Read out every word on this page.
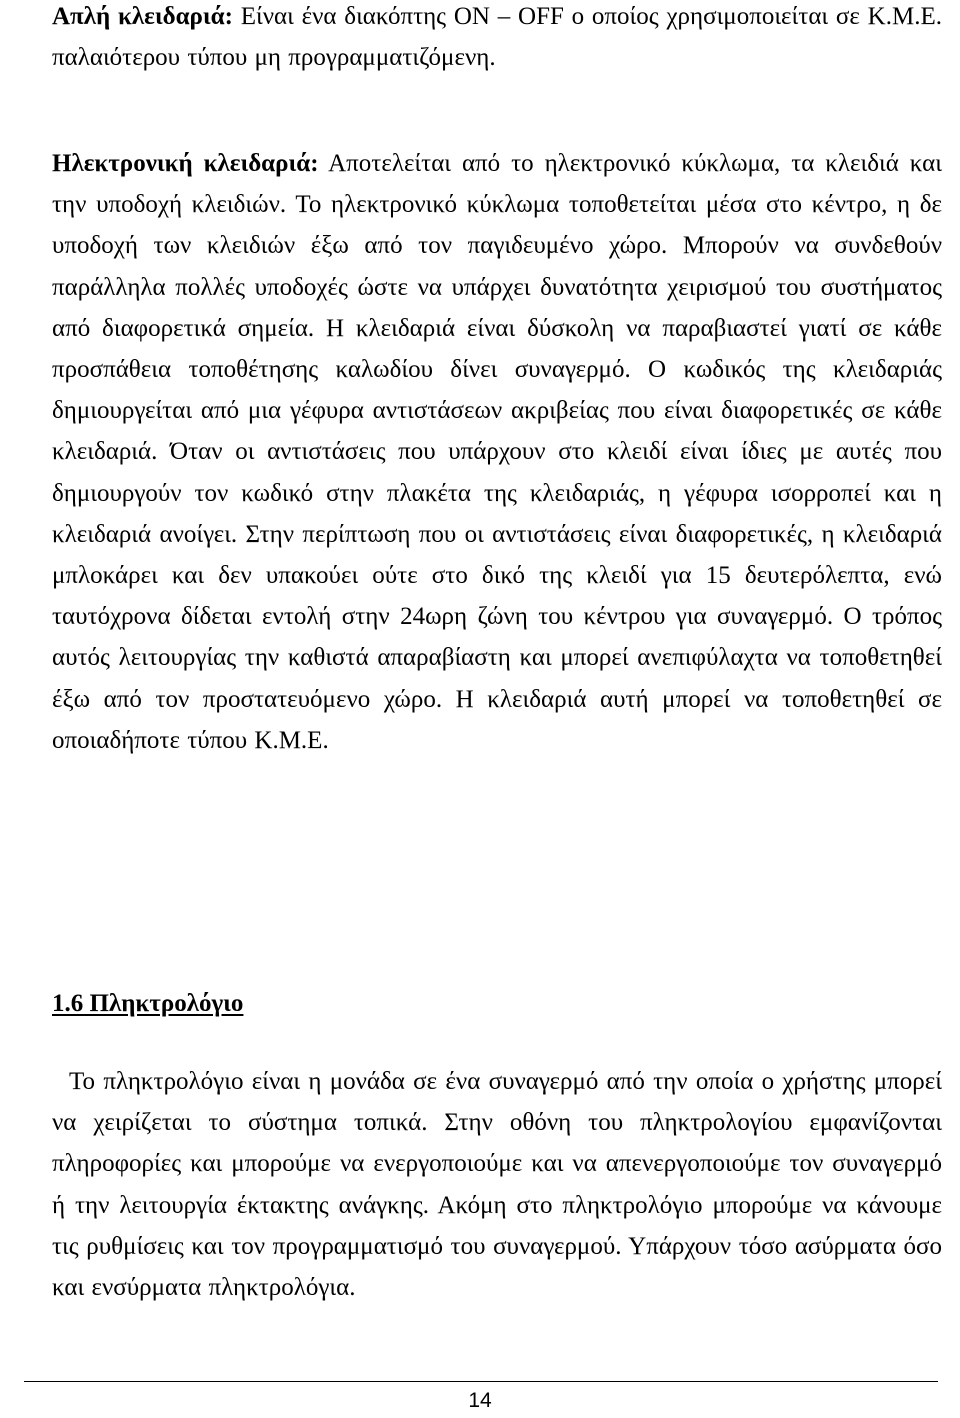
Απλή κλειδαριά: Είναι ένα διακόπτης ON – OFF ο οποίος χρησιμοποιείται σε Κ.Μ.Ε. παλαιότερου τύπου μη προγραμματιζόμενη.

Ηλεκτρονική κλειδαριά: Αποτελείται από το ηλεκτρονικό κύκλωμα, τα κλειδιά και την υποδοχή κλειδιών. Το ηλεκτρονικό κύκλωμα τοποθετείται μέσα στο κέντρο, η δε υποδοχή των κλειδιών έξω από τον παγιδευμένο χώρο. Μπορούν να συνδεθούν παράλληλα πολλές υποδοχές ώστε να υπάρχει δυνατότητα χειρισμού του συστήματος από διαφορετικά σημεία. Η κλειδαριά είναι δύσκολη να παραβιαστεί γιατί σε κάθε προσπάθεια τοποθέτησης καλωδίου δίνει συναγερμό. Ο κωδικός της κλειδαριάς δημιουργείται από μια γέφυρα αντιστάσεων ακριβείας που είναι διαφορετικές σε κάθε κλειδαριά. Όταν οι αντιστάσεις που υπάρχουν στο κλειδί είναι ίδιες με αυτές που δημιουργούν τον κωδικό στην πλακέτα της κλειδαριάς, η γέφυρα ισορροπεί και η κλειδαριά ανοίγει. Στην περίπτωση που οι αντιστάσεις είναι διαφορετικές, η κλειδαριά μπλοκάρει και δεν υπακούει ούτε στο δικό της κλειδί για 15 δευτερόλεπτα, ενώ ταυτόχρονα δίδεται εντολή στην 24ωρη ζώνη του κέντρου για συναγερμό. Ο τρόπος αυτός λειτουργίας την καθιστά απαραβίαστη και μπορεί ανεπιφύλαχτα να τοποθετηθεί έξω από τον προστατευόμενο χώρο. Η κλειδαριά αυτή μπορεί να τοποθετηθεί σε οποιαδήποτε τύπου Κ.Μ.Ε.

1.6 Πληκτρολόγιο

Το πληκτρολόγιο είναι η μονάδα σε ένα συναγερμό από την οποία ο χρήστης μπορεί να χειρίζεται το σύστημα τοπικά. Στην οθόνη του πληκτρολογίου εμφανίζονται πληροφορίες και μπορούμε να ενεργοποιούμε και να απενεργοποιούμε τον συναγερμό ή την λειτουργία έκτακτης ανάγκης. Ακόμη στο πληκτρολόγιο μπορούμε να κάνουμε τις ρυθμίσεις και τον προγραμματισμό του συναγερμού. Υπάρχουν τόσο ασύρματα όσο και ενσύρματα πληκτρολόγια.

14
